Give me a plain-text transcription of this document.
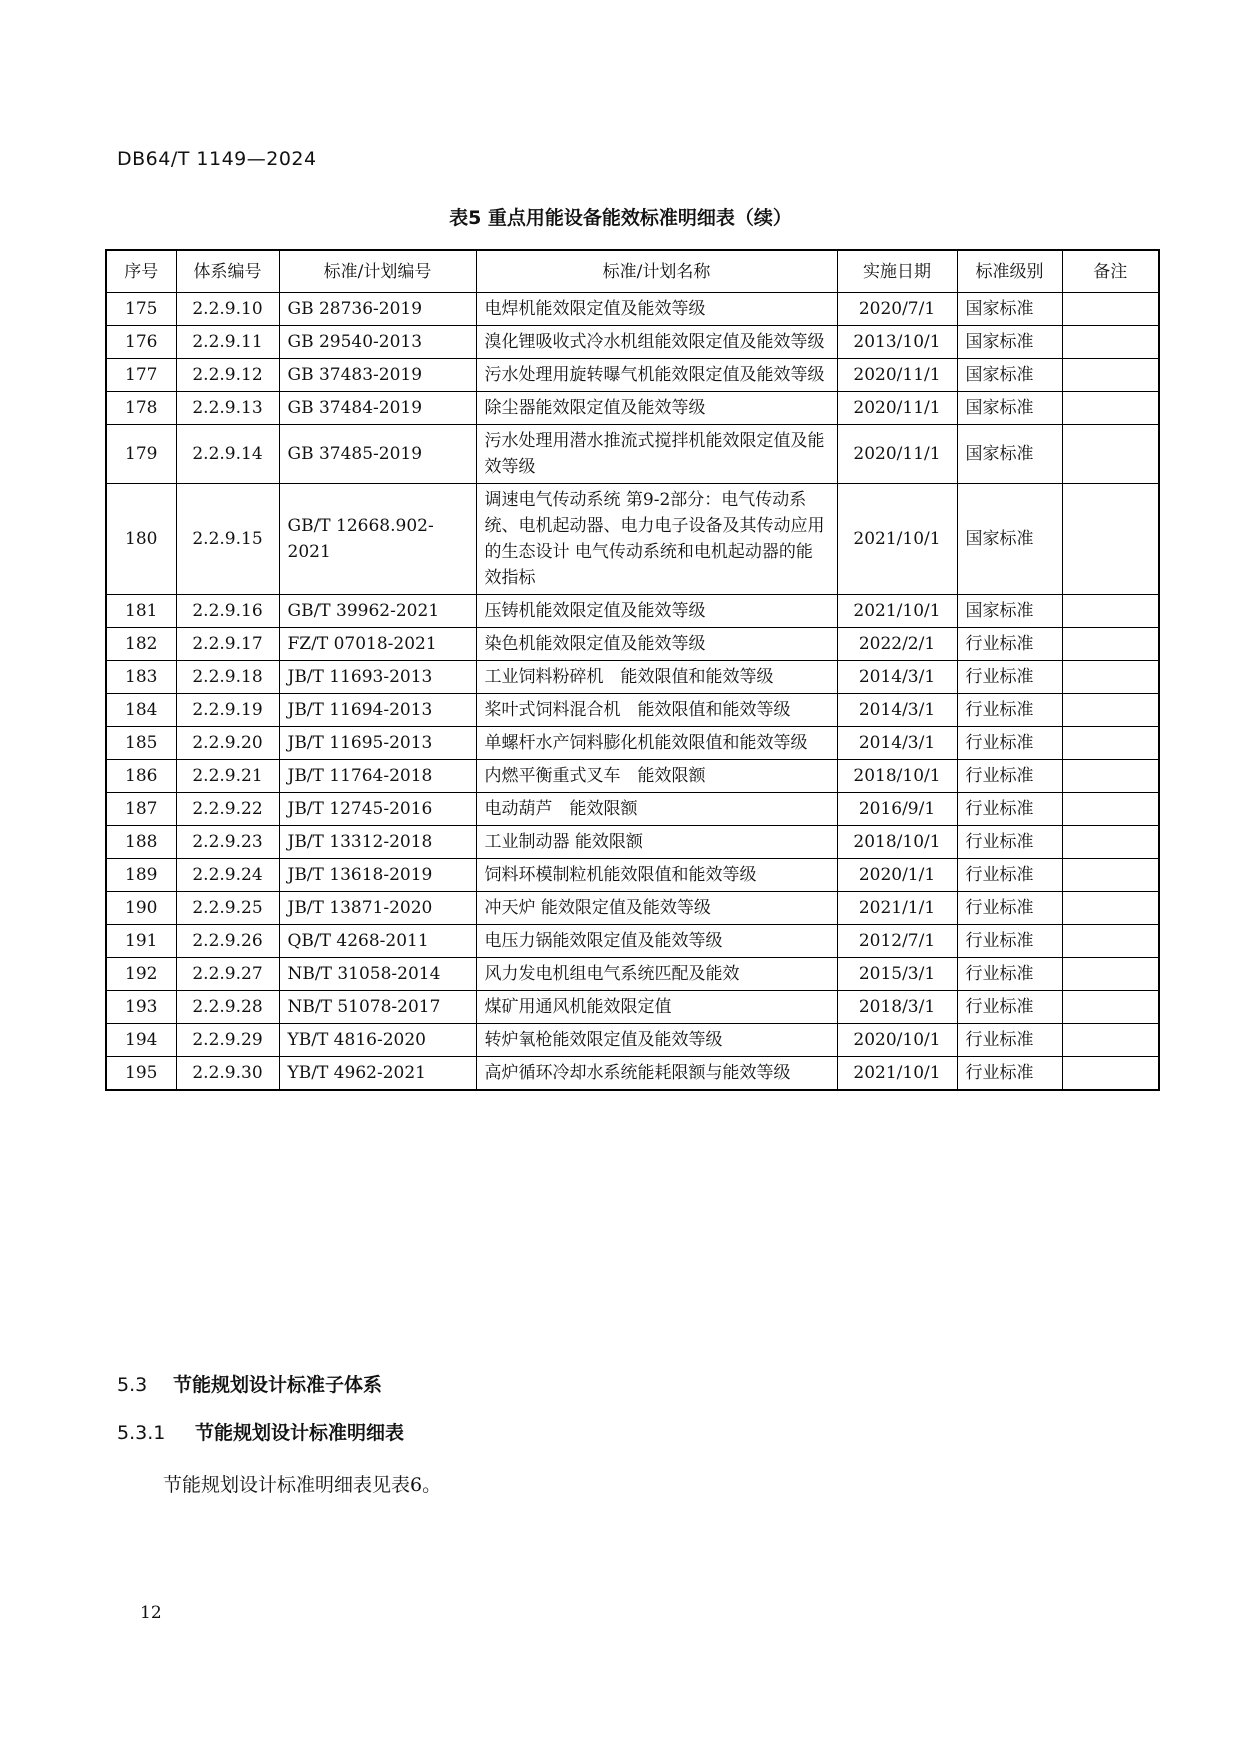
DB64/T 1149—2024
表5 重点用能设备能效标准明细表（续）
序号	体系编号	标准/计划编号	标准/计划名称	实施日期	标准级别	备注
175	2.2.9.10	GB 28736-2019	电焊机能效限定值及能效等级	2020/7/1	国家标准	
176	2.2.9.11	GB 29540-2013	溴化锂吸收式冷水机组能效限定值及能效等级	2013/10/1	国家标准	
177	2.2.9.12	GB 37483-2019	污水处理用旋转曝气机能效限定值及能效等级	2020/11/1	国家标准	
178	2.2.9.13	GB 37484-2019	除尘器能效限定值及能效等级	2020/11/1	国家标准	
179	2.2.9.14	GB 37485-2019	污水处理用潜水推流式搅拌机能效限定值及能效等级	2020/11/1	国家标准	
180	2.2.9.15	GB/T 12668.902-2021	调速电气传动系统 第9-2部分：电气传动系统、电机起动器、电力电子设备及其传动应用的生态设计 电气传动系统和电机起动器的能效指标	2021/10/1	国家标准	
181	2.2.9.16	GB/T 39962-2021	压铸机能效限定值及能效等级	2021/10/1	国家标准	
182	2.2.9.17	FZ/T 07018-2021	染色机能效限定值及能效等级	2022/2/1	行业标准	
183	2.2.9.18	JB/T 11693-2013	工业饲料粉碎机　能效限值和能效等级	2014/3/1	行业标准	
184	2.2.9.19	JB/T 11694-2013	桨叶式饲料混合机　能效限值和能效等级	2014/3/1	行业标准	
185	2.2.9.20	JB/T 11695-2013	单螺杆水产饲料膨化机能效限值和能效等级	2014/3/1	行业标准	
186	2.2.9.21	JB/T 11764-2018	内燃平衡重式叉车　能效限额	2018/10/1	行业标准	
187	2.2.9.22	JB/T 12745-2016	电动葫芦　能效限额	2016/9/1	行业标准	
188	2.2.9.23	JB/T 13312-2018	工业制动器 能效限额	2018/10/1	行业标准	
189	2.2.9.24	JB/T 13618-2019	饲料环模制粒机能效限值和能效等级	2020/1/1	行业标准	
190	2.2.9.25	JB/T 13871-2020	冲天炉 能效限定值及能效等级	2021/1/1	行业标准	
191	2.2.9.26	QB/T 4268-2011	电压力锅能效限定值及能效等级	2012/7/1	行业标准	
192	2.2.9.27	NB/T 31058-2014	风力发电机组电气系统匹配及能效	2015/3/1	行业标准	
193	2.2.9.28	NB/T 51078-2017	煤矿用通风机能效限定值	2018/3/1	行业标准	
194	2.2.9.29	YB/T 4816-2020	转炉氧枪能效限定值及能效等级	2020/10/1	行业标准	
195	2.2.9.30	YB/T 4962-2021	高炉循环冷却水系统能耗限额与能效等级	2021/10/1	行业标准	
5.3 节能规划设计标准子体系
5.3.1 节能规划设计标准明细表
节能规划设计标准明细表见表6。
12
